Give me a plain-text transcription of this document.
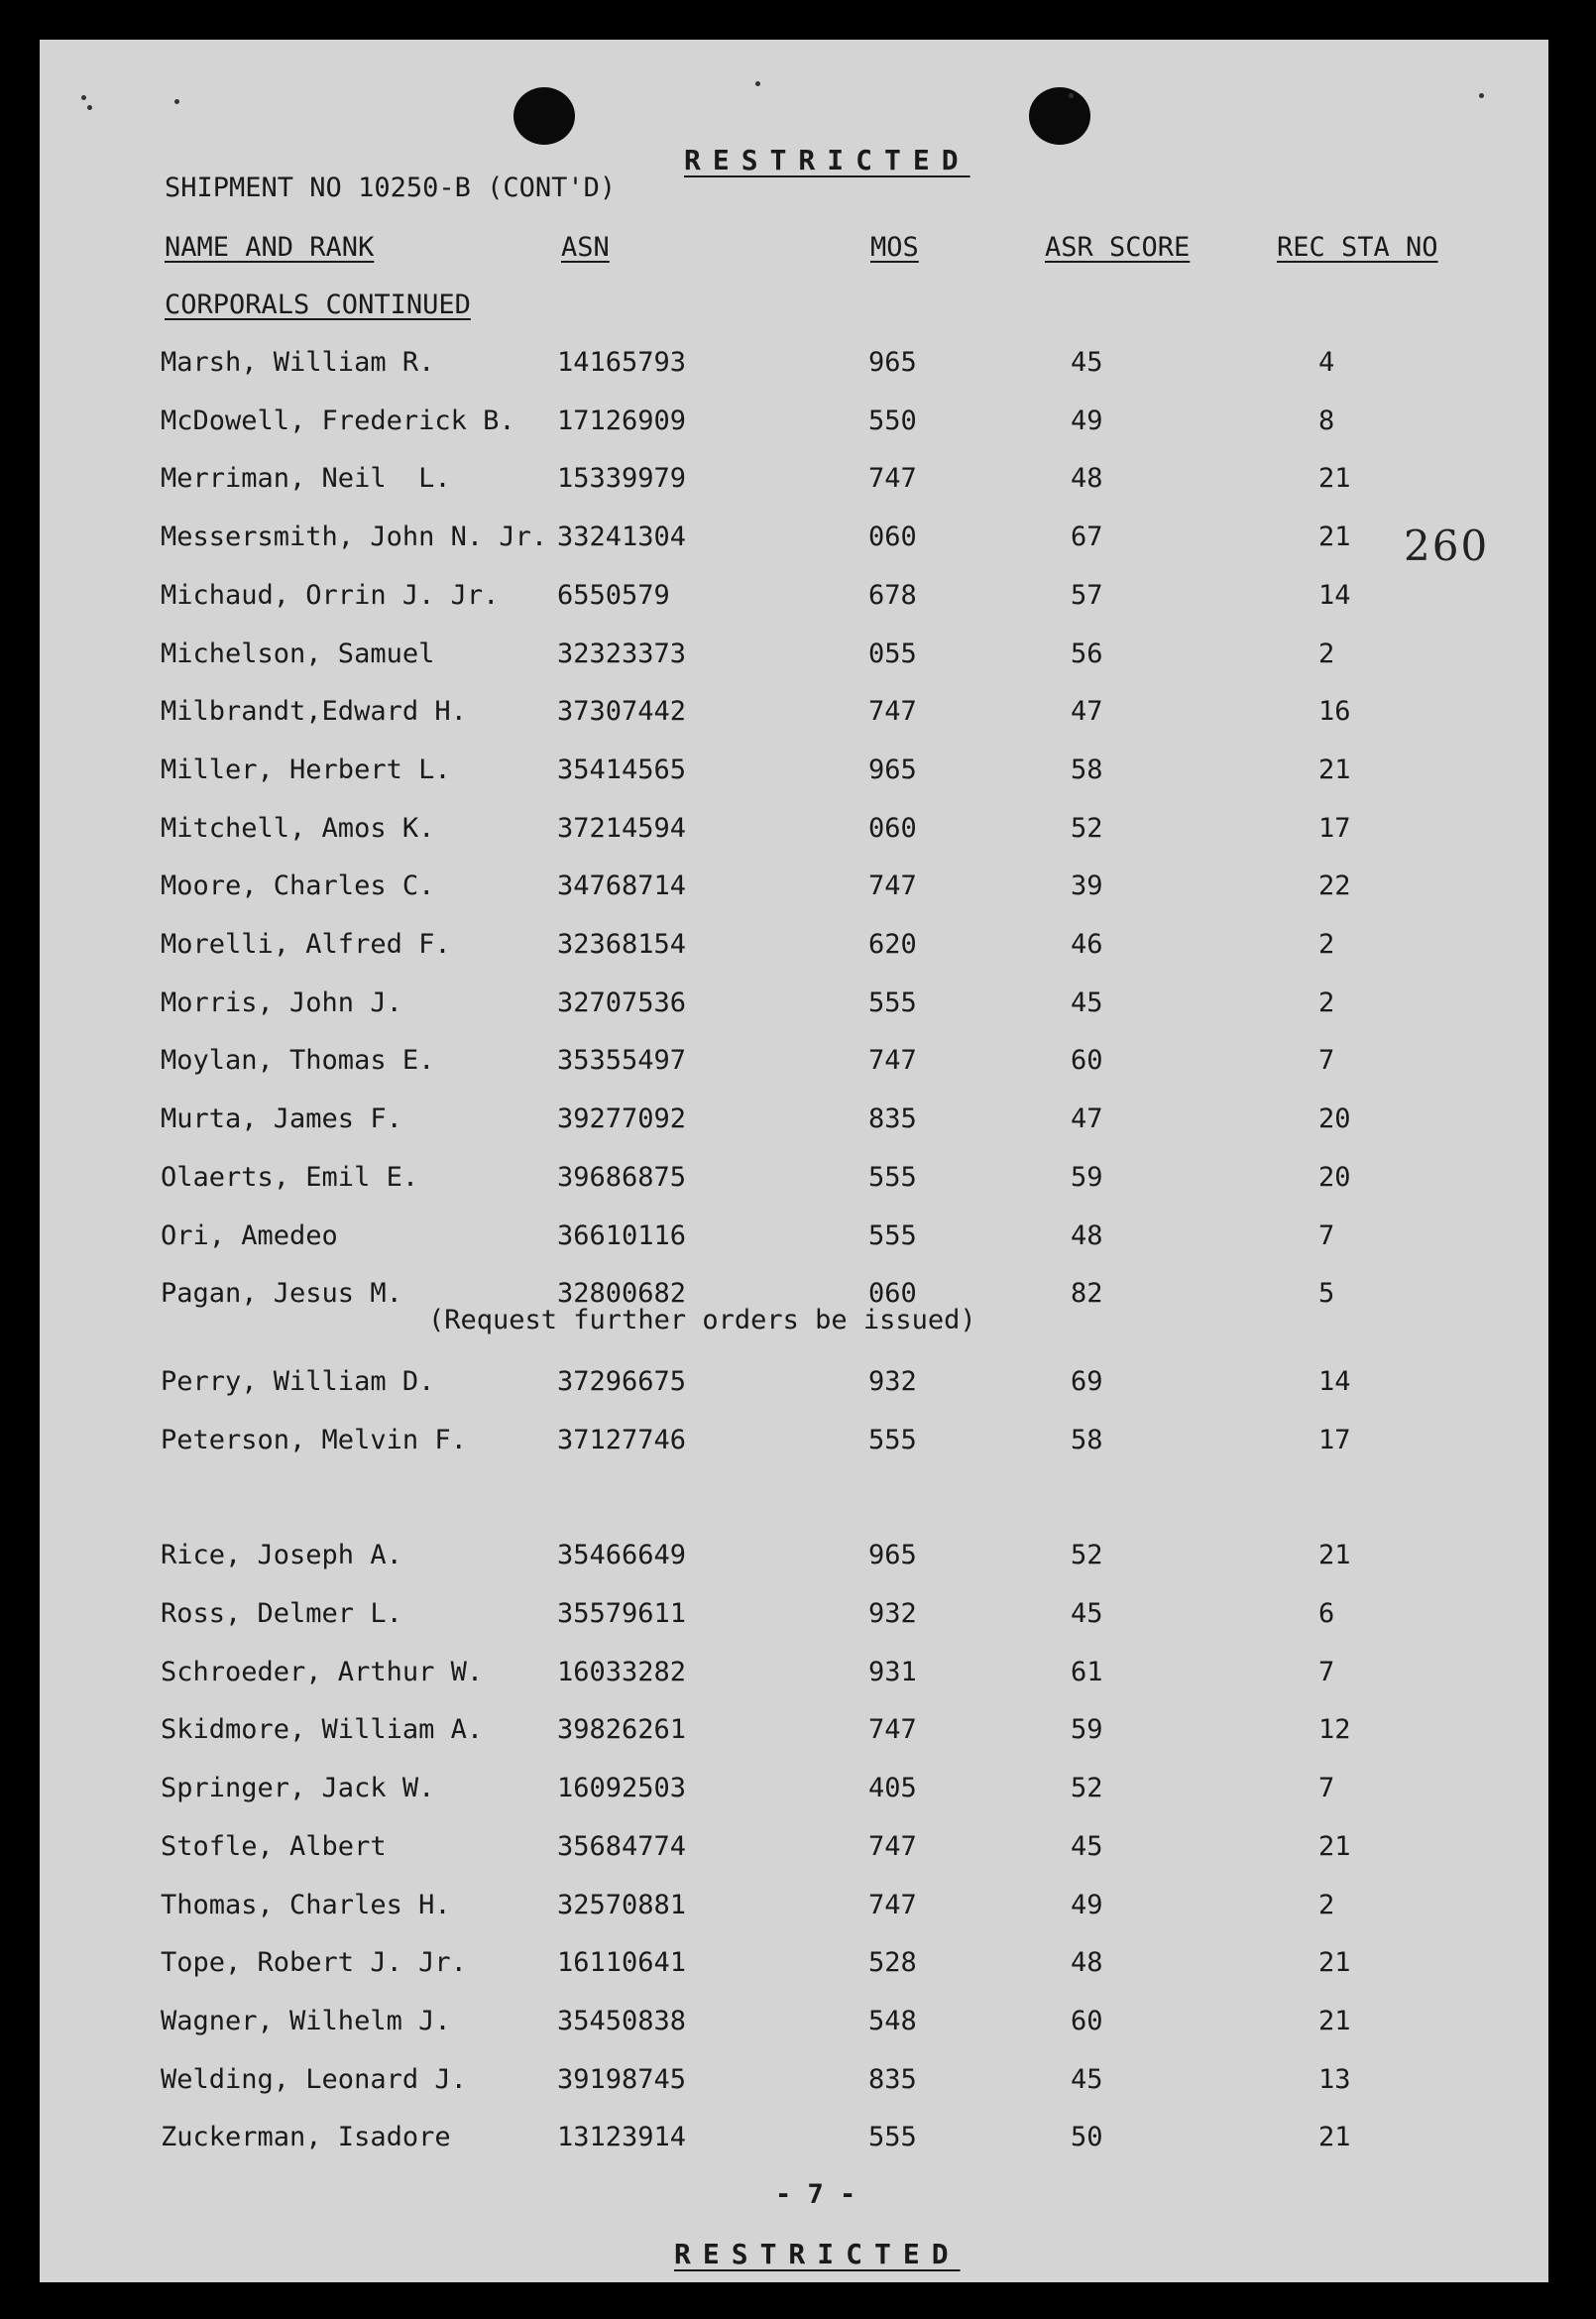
RESTRICTED
SHIPMENT NO 10250-B (CONT'D)
NAME AND RANK	ASN	MOS	ASR SCORE	REC STA NO
CORPORALS CONTINUED
260
Marsh, William R.	14165793	965	45	4
McDowell, Frederick B. 17126909	550	49	8
Merriman, Neil  L.	15339979	747	48	21
Messersmith, John N. Jr. 33241304	060	67	21
Michaud, Orrin J. Jr. 6550579	678	57	14
Michelson, Samuel	32323373	055	56	2
Milbrandt,Edward H.	37307442	747	47	16
Miller, Herbert L.	35414565	965	58	21
Mitchell, Amos K.	37214594	060	52	17
Moore, Charles C.	34768714	747	39	22
Morelli, Alfred F.	32368154	620	46	2
Morris, John J.	32707536	555	45	2
Moylan, Thomas E.	35355497	747	60	7
Murta, James F.	39277092	835	47	20
Olaerts, Emil E.	39686875	555	59	20
Ori, Amedeo	36610116	555	48	7
Pagan, Jesus M.	32800682	060	82	5
Perry, William D.	37296675	932	69	14
Peterson, Melvin F.	37127746	555	58	17
Rice, Joseph A.	35466649	965	52	21
Ross, Delmer L.	35579611	932	45	6
Schroeder, Arthur W.	16033282	931	61	7
Skidmore, William A.	39826261	747	59	12
Springer, Jack W.	16092503	405	52	7
Stofle, Albert	35684774	747	45	21
Thomas, Charles H.	32570881	747	49	2
Tope, Robert J. Jr.	16110641	528	48	21
Wagner, Wilhelm J.	35450838	548	60	21
Welding, Leonard J.	39198745	835	45	13
Zuckerman, Isadore	13123914	555	50	21
(Request further orders be issued)
- 7 -
RESTRICTED
